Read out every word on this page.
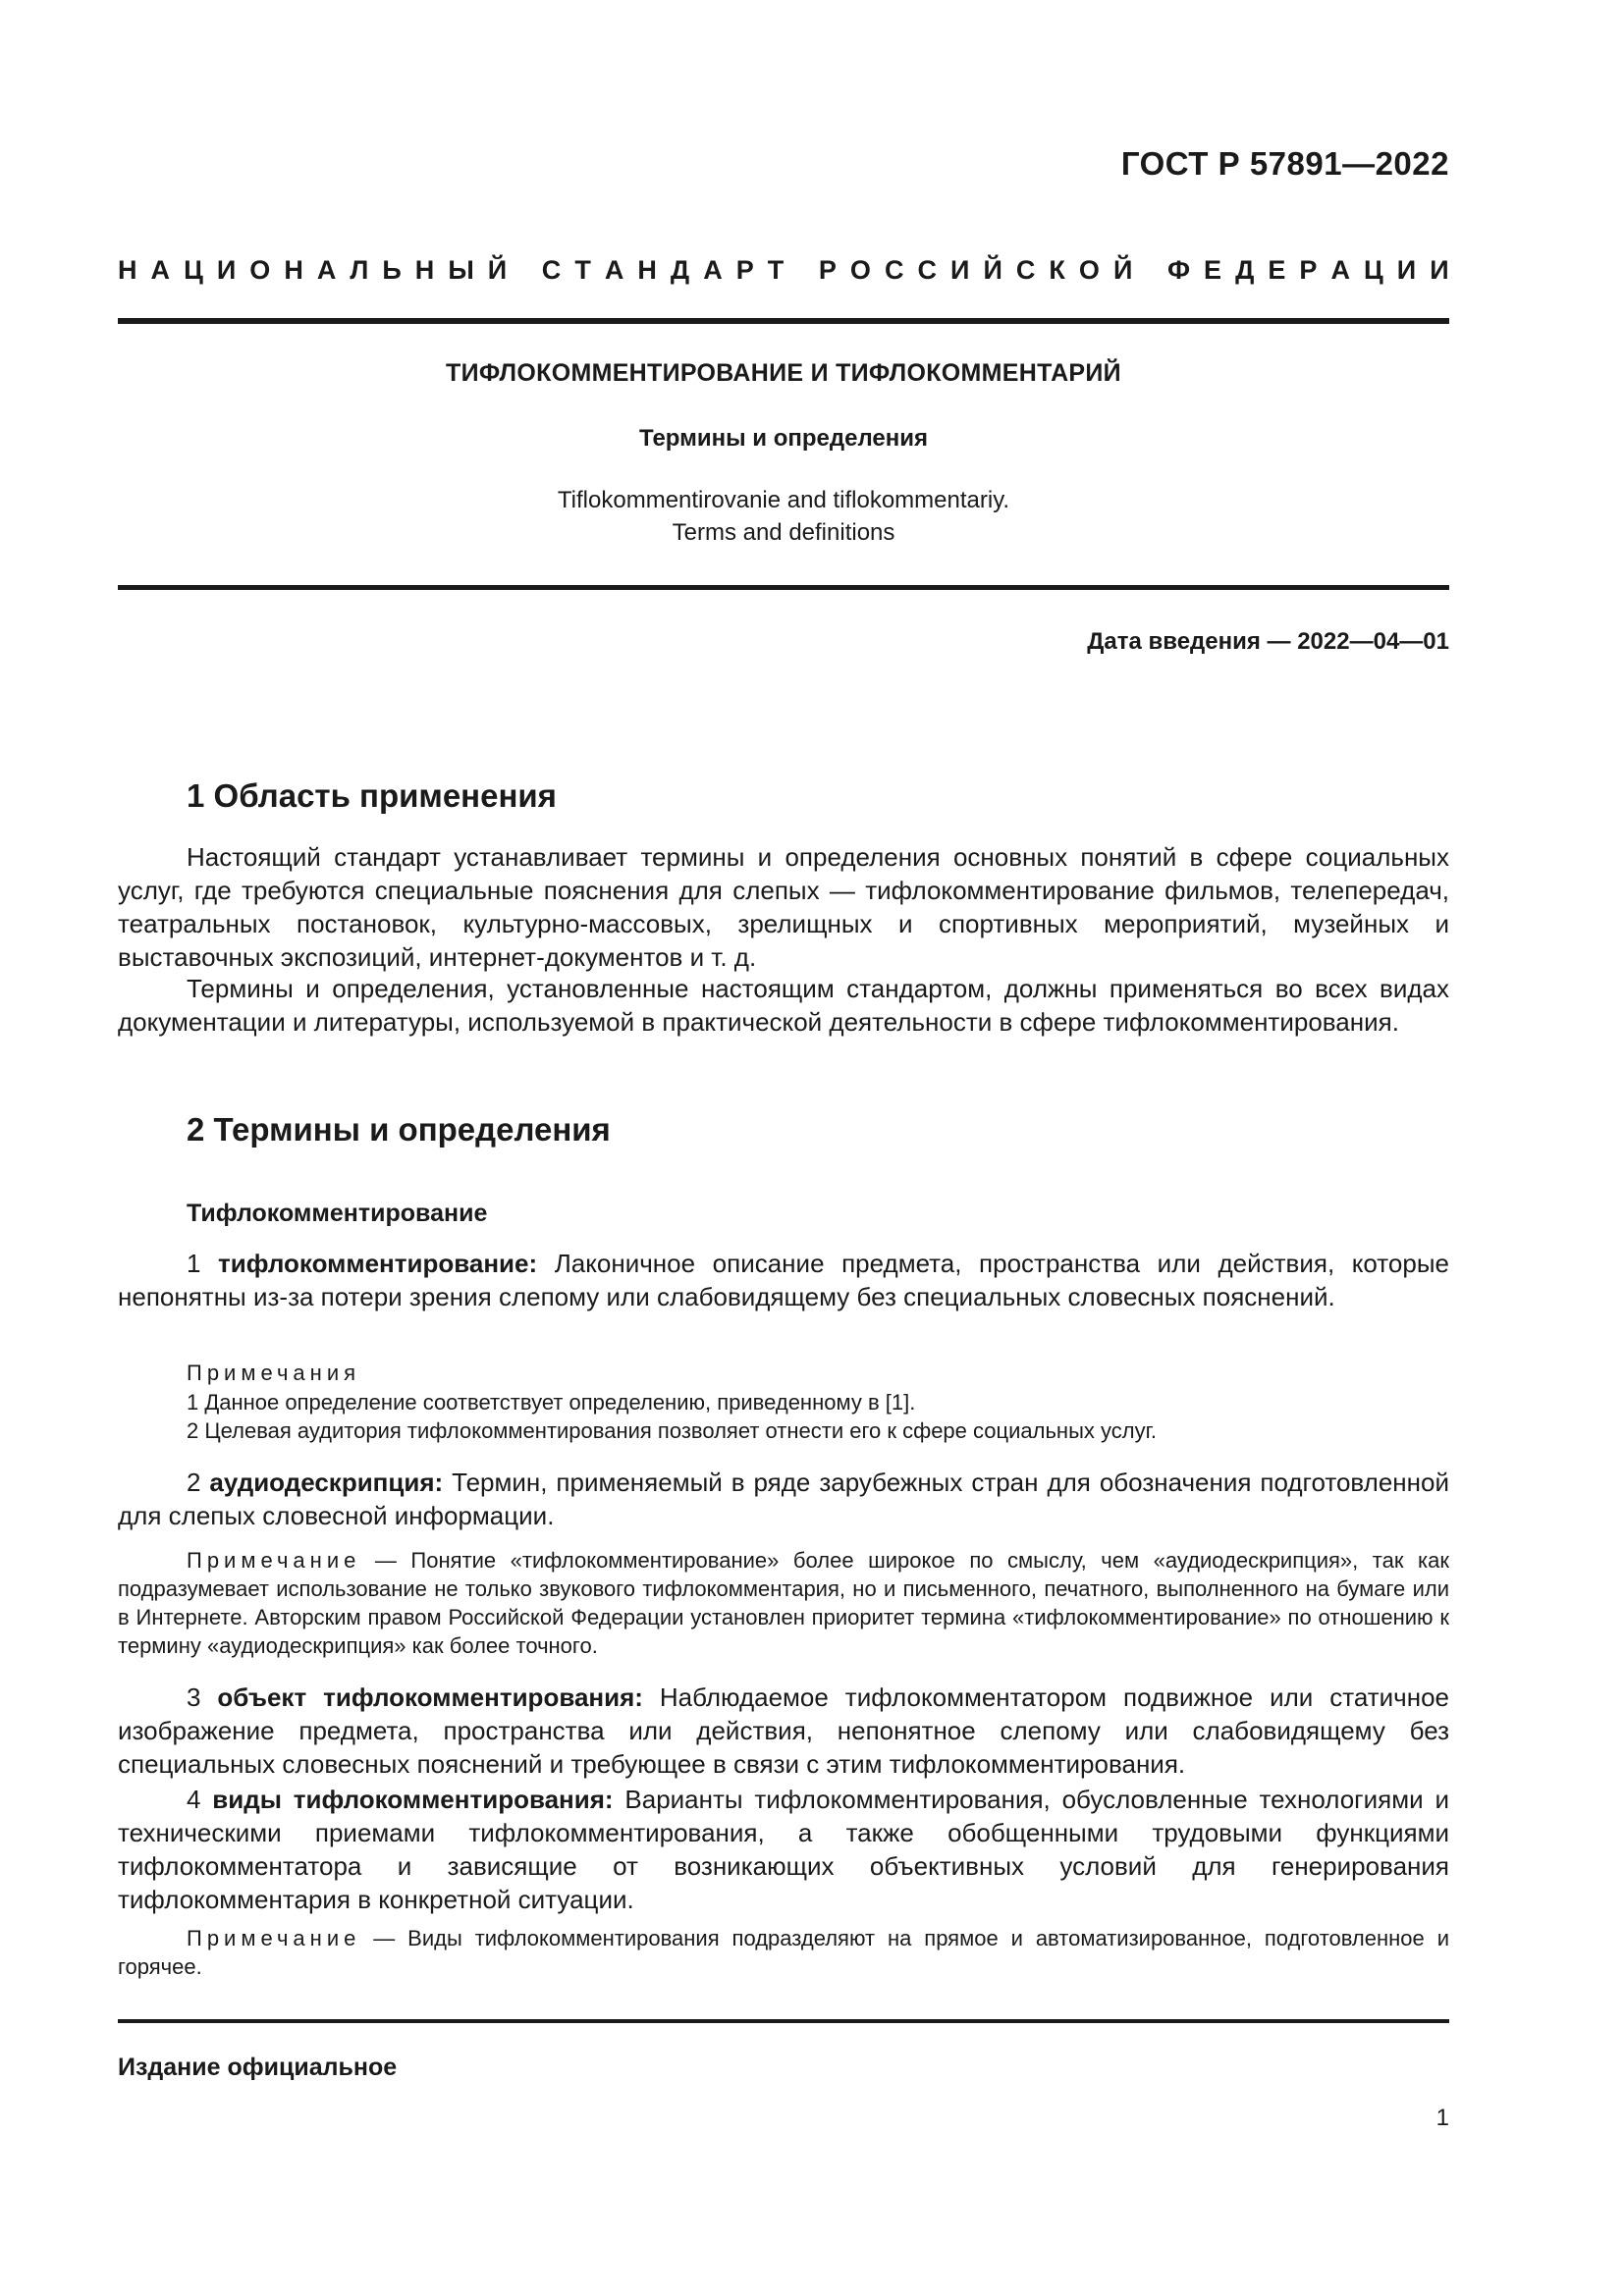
ГОСТ Р 57891—2022
Н А Ц И О Н А Л Ь Н Ы Й
С Т А Н Д А Р Т
Р О С С И Й С К О Й
Ф Е Д Е Р А Ц И И
ТИФЛОКОММЕНТИРОВАНИЕ И ТИФЛОКОММЕНТАРИЙ
Термины и определения
Tiflokommentirovanie and tiflokommentariy.
Terms and definitions
Дата введения — 2022—04—01
1 Область применения
Настоящий стандарт устанавливает термины и определения основных понятий в сфере социальных услуг, где требуются специальные пояснения для слепых — тифлокомментирование фильмов, телепередач, театральных постановок, культурно-массовых, зрелищных и спортивных мероприятий, музейных и выставочных экспозиций, интернет-документов и т. д.
Термины и определения, установленные настоящим стандартом, должны применяться во всех видах документации и литературы, используемой в практической деятельности в сфере тифлокомментирования.
2 Термины и определения
Тифлокомментирование
1 тифлокомментирование: Лаконичное описание предмета, пространства или действия, которые непонятны из-за потери зрения слепому или слабовидящему без специальных словесных пояснений.
Примечания
1 Данное определение соответствует определению, приведенному в [1].
2 Целевая аудитория тифлокомментирования позволяет отнести его к сфере социальных услуг.
2 аудиодескрипция: Термин, применяемый в ряде зарубежных стран для обозначения подготовленной для слепых словесной информации.
Примечание — Понятие «тифлокомментирование» более широкое по смыслу, чем «аудиодескрипция», так как подразумевает использование не только звукового тифлокомментария, но и письменного, печатного, выполненного на бумаге или в Интернете. Авторским правом Российской Федерации установлен приоритет термина «тифлокомментирование» по отношению к термину «аудиодескрипция» как более точного.
3 объект тифлокомментирования: Наблюдаемое тифлокомментатором подвижное или статичное изображение предмета, пространства или действия, непонятное слепому или слабовидящему без специальных словесных пояснений и требующее в связи с этим тифлокомментирования.
4 виды тифлокомментирования: Варианты тифлокомментирования, обусловленные технологиями и техническими приемами тифлокомментирования, а также обобщенными трудовыми функциями тифлокомментатора и зависящие от возникающих объективных условий для генерирования тифлокомментария в конкретной ситуации.
Примечание — Виды тифлокомментирования подразделяют на прямое и автоматизированное, подготовленное и горячее.
Издание официальное
1
